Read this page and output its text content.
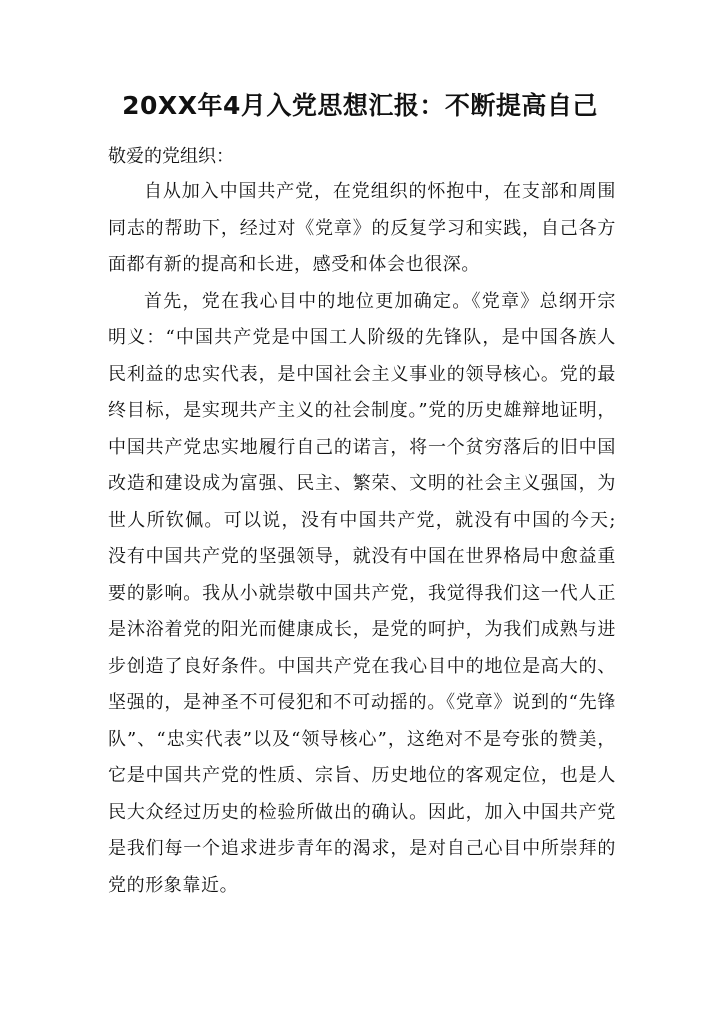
20XX年4月入党思想汇报：不断提高自己
敬爱的党组织：

自从加入中国共产党，在党组织的怀抱中，在支部和周围同志的帮助下，经过对《党章》的反复学习和实践，自己各方面都有新的提高和长进，感受和体会也很深。

首先，党在我心目中的地位更加确定。《党章》总纲开宗明义：“中国共产党是中国工人阶级的先锋队，是中国各族人民利益的忠实代表，是中国社会主义事业的领导核心。党的最终目标，是实现共产主义的社会制度。”党的历史雄辩地证明，中国共产党忠实地履行自己的诺言，将一个贫穷落后的旧中国改造和建设成为富强、民主、繁荣、文明的社会主义强国，为世人所钦佩。可以说，没有中国共产党，就没有中国的今天;没有中国共产党的坚强领导，就没有中国在世界格局中愈益重要的影响。我从小就崇敬中国共产党，我觉得我们这一代人正是沐浴着党的阳光而健康成长，是党的呵护，为我们成熟与进步创造了良好条件。中国共产党在我心目中的地位是高大的、坚强的，是神圣不可侵犯和不可动摇的。《党章》说到的“先锋队”、“忠实代表”以及“领导核心”，这绝对不是夸张的赞美，它是中国共产党的性质、宗旨、历史地位的客观定位，也是人民大众经过历史的检验所做出的确认。因此，加入中国共产党是我们每一个追求进步青年的渴求，是对自己心目中所崇拜的党的形象靠近。
